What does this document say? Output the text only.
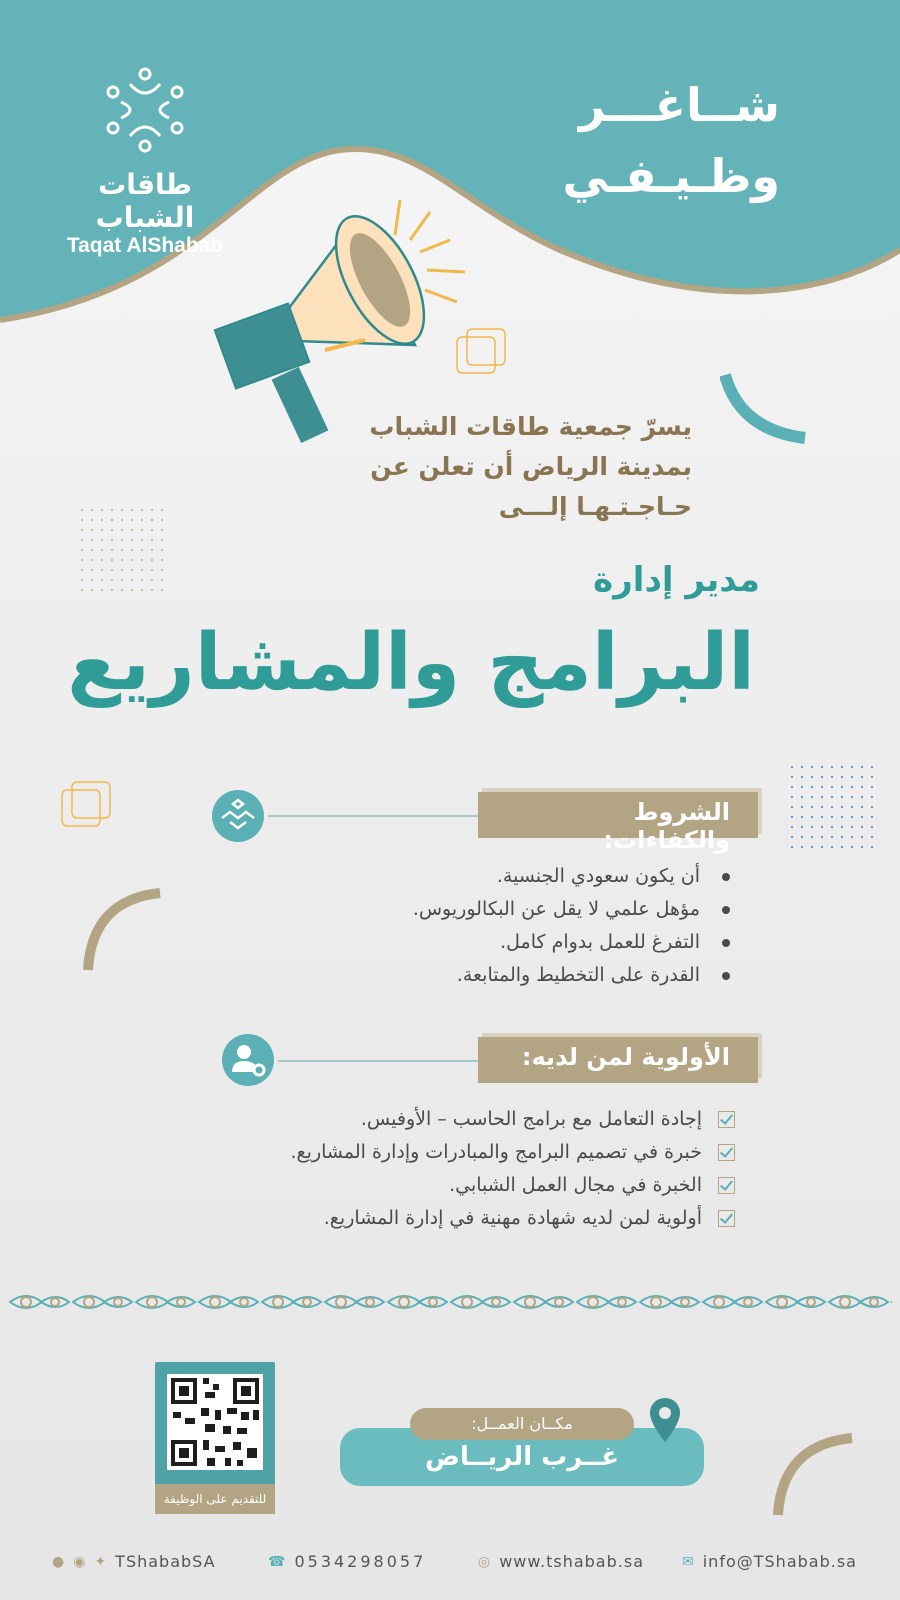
طاقات الشباب
Taqat AlShabab
شــاغـــر
وظـيـفـي
يسرّ جمعية طاقات الشباب
بمدينة الرياض أن تعلن عن
حـاجـتـهـا إلـــى
مدير إدارة
البرامج والمشاريع
الشروط والكفاءات:
أن يكون سعودي الجنسية.
مؤهل علمي لا يقل عن البكالوريوس.
التفرغ للعمل بدوام كامل.
القدرة على التخطيط والمتابعة.
الأولوية لمن لديه:
إجادة التعامل مع برامج الحاسب – الأوفيس.
خبرة في تصميم البرامج والمبادرات وإدارة المشاريع.
الخبرة في مجال العمل الشبابي.
أولوية لمن لديه شهادة مهنية في إدارة المشاريع.
للتقديم على الوظيفة
مكــان العمــل:
غــرب الريــاض
● ◉ ✦ TShababSA	☎ 0534298057	◎ www.tshabab.sa	✉ info@TShabab.sa
